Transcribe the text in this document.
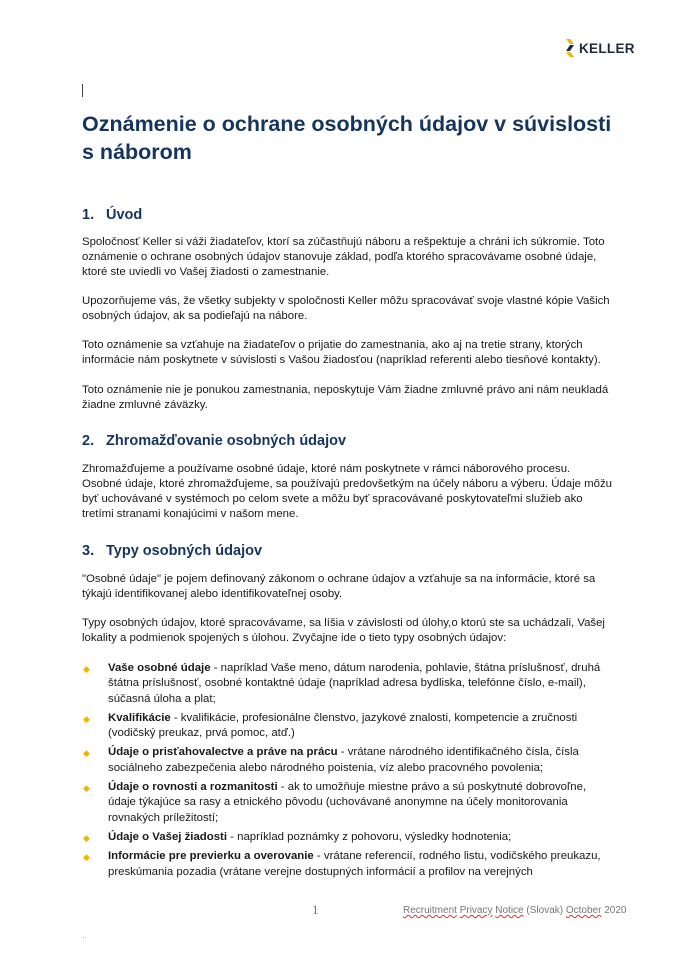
KELLER
Oznámenie o ochrane osobných údajov v súvislosti s náborom
1. Úvod

Spoločnosť Keller si váži žiadateľov, ktorí sa zúčastňujú náboru a rešpektuje a chráni ich súkromie. Toto oznámenie o ochrane osobných údajov stanovuje základ, podľa ktorého spracovávame osobné údaje, ktoré ste uviedli vo Vašej žiadosti o zamestnanie.

Upozorňujeme vás, že všetky subjekty v spoločnosti Keller môžu spracovávať svoje vlastné kópie Vašich osobných údajov, ak sa podieľajú na nábore.

Toto oznámenie sa vzťahuje na žiadateľov o prijatie do zamestnania, ako aj na tretie strany, ktorých informácie nám poskytnete v súvislosti s Vašou žiadosťou (napríklad referenti alebo tiesňové kontakty).

Toto oznámenie nie je ponukou zamestnania, neposkytuje Vám žiadne zmluvné právo ani nám neukladá žiadne zmluvné záväzky.

2. Zhromažďovanie osobných údajov

Zhromažďujeme a používame osobné údaje, ktoré nám poskytnete v rámci náborového procesu. Osobné údaje, ktoré zhromažďujeme, sa používajú predovšetkým na účely náboru a výberu. Údaje môžu byť uchovávané v systémoch po celom svete a môžu byť spracovávané poskytovateľmi služieb ako tretími stranami konajúcimi v našom mene.

3. Typy osobných údajov

"Osobné údaje" je pojem definovaný zákonom o ochrane údajov a vzťahuje sa na informácie, ktoré sa týkajú identifikovanej alebo identifikovateľnej osoby.

Typy osobných údajov, ktoré spracovávame, sa líšia v závislosti od úlohy,o ktorú ste sa uchádzali, Vašej lokality a podmienok spojených s úlohou. Zvyčajne ide o tieto typy osobných údajov:

◆ Vaše osobné údaje - napríklad Vaše meno, dátum narodenia, pohlavie, štátna príslušnosť, druhá štátna príslušnosť, osobné kontaktné údaje (napríklad adresa bydliska, telefónne číslo, e-mail), súčasná úloha a plat;
◆ Kvalifikácie - kvalifikácie, profesionálne členstvo, jazykové znalosti, kompetencie a zručnosti (vodičský preukaz, prvá pomoc, atď.)
◆ Údaje o prisťahovalectve a práve na prácu - vrátane národného identifikačného čísla, čísla sociálneho zabezpečenia alebo národného poistenia, víz alebo pracovného povolenia;
◆ Údaje o rovnosti a rozmanitosti - ak to umožňuje miestne právo a sú poskytnuté dobrovoľne, údaje týkajúce sa rasy a etnického pôvodu (uchovávané anonymne na účely monitorovania rovnakých príležitostí;
◆ Údaje o Vašej žiadosti - napríklad poznámky z pohovoru, výsledky hodnotenia;
◆ Informácie pre previerku a overovanie - vrátane referencií, rodného listu, vodičského preukazu, preskúmania pozadia (vrátane verejne dostupných informácií a profilov na verejných
1	Recruitment Privacy Notice (Slovak) October 2020
